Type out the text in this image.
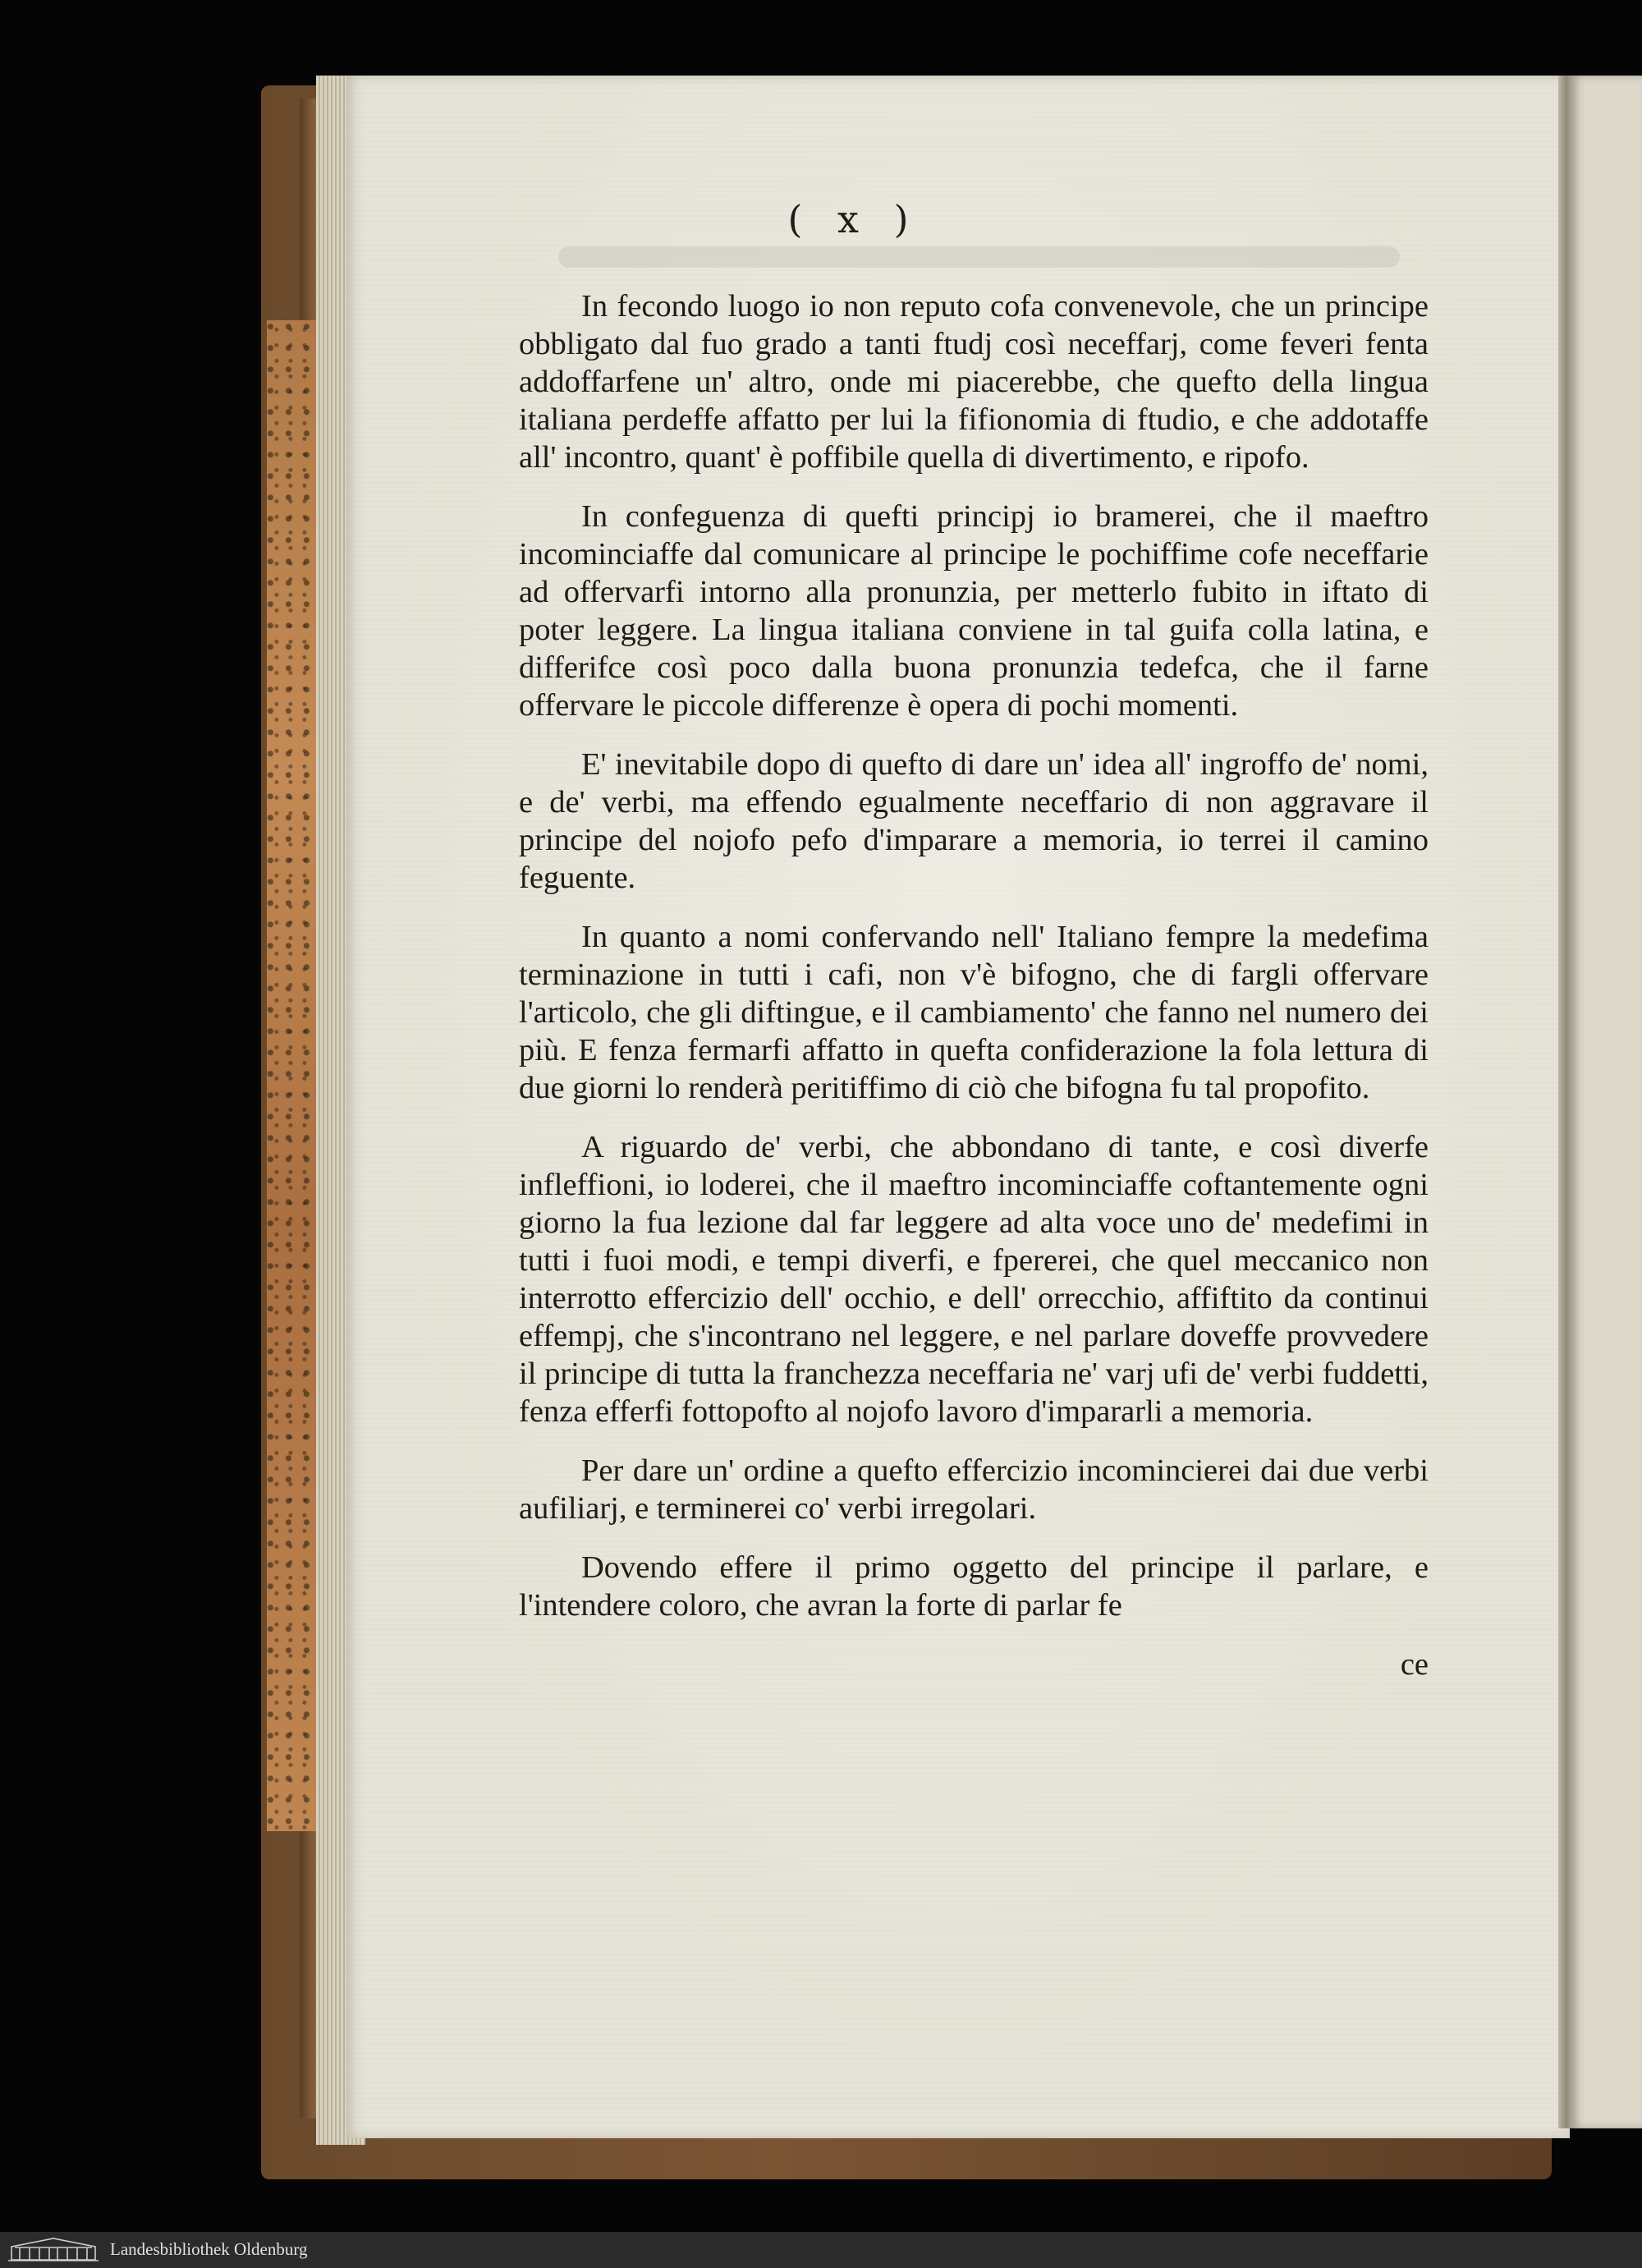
( x )

In fecondo luogo io non reputo cofa convenevole, che un principe obbligato dal fuo grado a tanti ftudj così neceffarj, come feveri fenta addoffarfene un' altro, onde mi piacerebbe, che quefto della lingua italiana perdeffe affatto per lui la fifionomia di ftudio, e che addotaffe all' incontro, quant' è poffibile quella di divertimento, e ripofo.

In confeguenza di quefti principj io bramerei, che il maeftro incominciaffe dal comunicare al principe le pochiffime cofe neceffarie ad offervarfi intorno alla pronunzia, per metterlo fubito in iftato di poter leggere. La lingua italiana conviene in tal guifa colla latina, e differifce così poco dalla buona pronunzia tedefca, che il farne offervare le piccole differenze è opera di pochi momenti.

E' inevitabile dopo di quefto di dare un' idea all' ingroffo de' nomi, e de' verbi, ma effendo egualmente neceffario di non aggravare il principe del nojofo pefo d'imparare a memoria, io terrei il camino feguente.

In quanto a nomi confervando nell' Italiano fempre la medefima terminazione in tutti i cafi, non v'è bifogno, che di fargli offervare l'articolo, che gli diftingue, e il cambiamento' che fanno nel numero dei più. E fenza fermarfi affatto in quefta confiderazione la fola lettura di due giorni lo renderà peritiffimo di ciò che bifogna fu tal propofito.

A riguardo de' verbi, che abbondano di tante, e così diverfe infleffioni, io loderei, che il maeftro incominciaffe coftantemente ogni giorno la fua lezione dal far leggere ad alta voce uno de' medefimi in tutti i fuoi modi, e tempi diverfi, e fpererei, che quel meccanico non interrotto effercizio dell' occhio, e dell' orrecchio, affiftito da continui effempj, che s'incontrano nel leggere, e nel parlare doveffe provvedere il principe di tutta la franchezza neceffaria ne' varj ufi de' verbi fuddetti, fenza efferfi fottopofto al nojofo lavoro d'impararli a memoria.

Per dare un' ordine a quefto effercizio incomincierei dai due verbi aufiliarj, e terminerei co' verbi irregolari.

Dovendo effere il primo oggetto del principe il parlare, e l'intendere coloro, che avran la forte di parlar fe

ce
Landesbibliothek Oldenburg
